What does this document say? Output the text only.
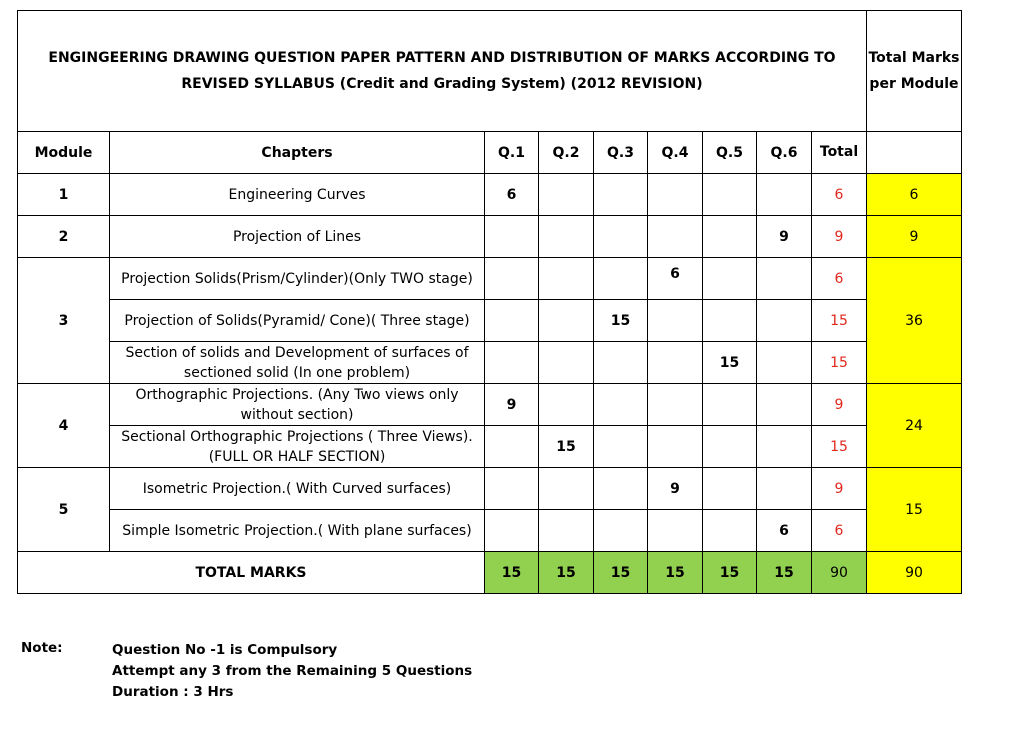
ENGINGEERING DRAWING QUESTION PAPER PATTERN AND DISTRIBUTION OF MARKS ACCORDING TO REVISED SYLLABUS (Credit and Grading System) (2012 REVISION)									Total Marks per Module
Module	Chapters	Q.1	Q.2	Q.3	Q.4	Q.5	Q.6	Total	
1	Engineering Curves	6						6	6
2	Projection of Lines						9	9	9
3	Projection Solids(Prism/Cylinder)(Only TWO stage)				6			6	36
	Projection of Solids(Pyramid/ Cone)( Three stage)			15				15	
	Section of solids and Development of surfaces of sectioned solid (In one problem)					15		15	
4	Orthographic Projections. (Any Two views only without section)	9						9	24
	Sectional Orthographic Projections ( Three Views).(FULL OR HALF SECTION)		15					15	
5	Isometric Projection.( With Curved surfaces)				9			9	15
	Simple Isometric Projection.( With plane surfaces)						6	6	
TOTAL MARKS		15	15	15	15	15	15	90	90
Note:	Question No -1 is Compulsory
Attempt any 3 from the Remaining 5 Questions
Duration : 3 Hrs
